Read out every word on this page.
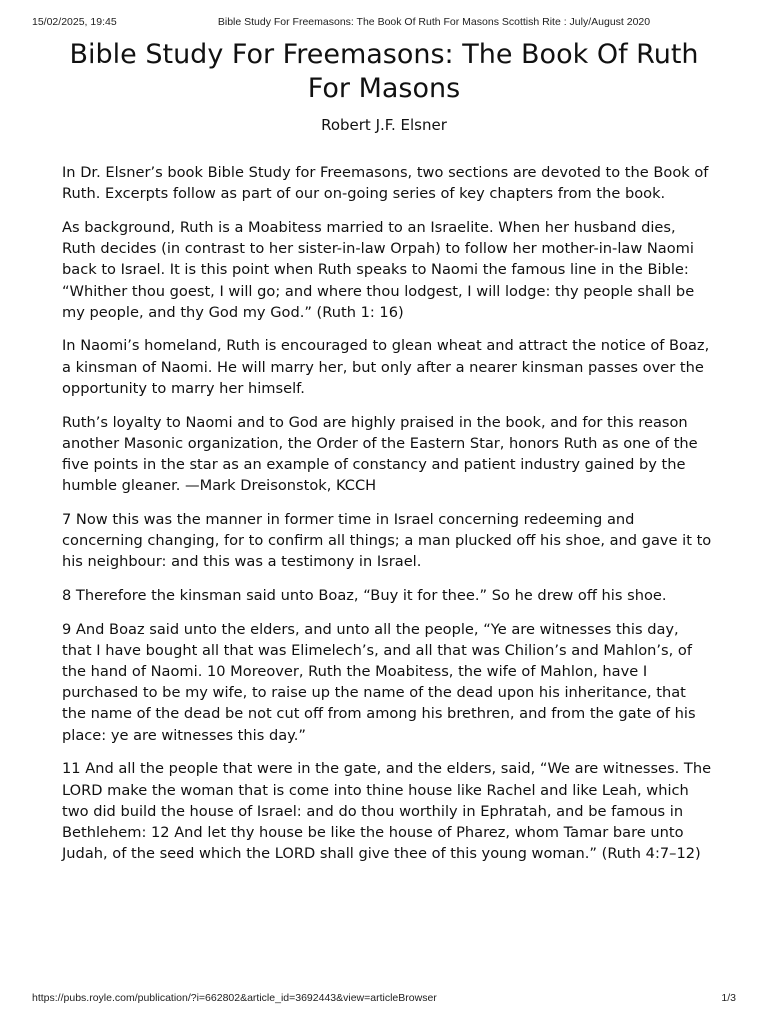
15/02/2025, 19:45	Bible Study For Freemasons: The Book Of Ruth For Masons Scottish Rite : July/August 2020
Bible Study For Freemasons: The Book Of Ruth For Masons
Robert J.F. Elsner

In Dr. Elsner’s book Bible Study for Freemasons, two sections are devoted to the Book of Ruth. Excerpts follow as part of our on-going series of key chapters from the book.

As background, Ruth is a Moabitess married to an Israelite. When her husband dies, Ruth decides (in contrast to her sister-in-law Orpah) to follow her mother-in-law Naomi back to Israel. It is this point when Ruth speaks to Naomi the famous line in the Bible: “Whither thou goest, I will go; and where thou lodgest, I will lodge: thy people shall be my people, and thy God my God.” (Ruth 1: 16)

In Naomi’s homeland, Ruth is encouraged to glean wheat and attract the notice of Boaz, a kinsman of Naomi. He will marry her, but only after a nearer kinsman passes over the opportunity to marry her himself.

Ruth’s loyalty to Naomi and to God are highly praised in the book, and for this reason another Masonic organization, the Order of the Eastern Star, honors Ruth as one of the five points in the star as an example of constancy and patient industry gained by the humble gleaner. —Mark Dreisonstok, KCCH

7 Now this was the manner in former time in Israel concerning redeeming and concerning changing, for to confirm all things; a man plucked off his shoe, and gave it to his neighbour: and this was a testimony in Israel.

8 Therefore the kinsman said unto Boaz, “Buy it for thee.” So he drew off his shoe.

9 And Boaz said unto the elders, and unto all the people, “Ye are witnesses this day, that I have bought all that was Elimelech’s, and all that was Chilion’s and Mahlon’s, of the hand of Naomi. 10 Moreover, Ruth the Moabitess, the wife of Mahlon, have I purchased to be my wife, to raise up the name of the dead upon his inheritance, that the name of the dead be not cut off from among his brethren, and from the gate of his place: ye are witnesses this day.”

11 And all the people that were in the gate, and the elders, said, “We are witnesses. The LORD make the woman that is come into thine house like Rachel and like Leah, which two did build the house of Israel: and do thou worthily in Ephratah, and be famous in Bethlehem: 12 And let thy house be like the house of Pharez, whom Tamar bare unto Judah, of the seed which the LORD shall give thee of this young woman.” (Ruth 4:7–12)

https://pubs.royle.com/publication/?i=662802&article_id=3692443&view=articleBrowser	1/3
